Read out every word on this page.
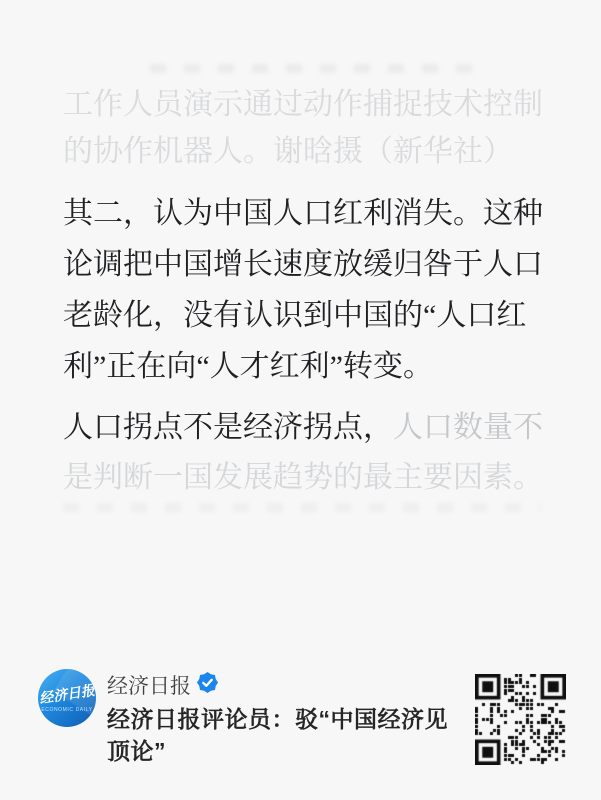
工作人员演示通过动作捕捉技术控制
的协作机器人。谢晗摄（新华社）
其二，认为中国人口红利消失。这种
论调把中国增长速度放缓归咎于人口
老龄化，没有认识到中国的“人口红
利”正在向“人才红利”转变。
人口拐点不是经济拐点，人口数量不
是判断一国发展趋势的最主要因素。
经济日报
ECONOMIC DAILY
经济日报
经济日报评论员：驳“中国经济见顶论”
